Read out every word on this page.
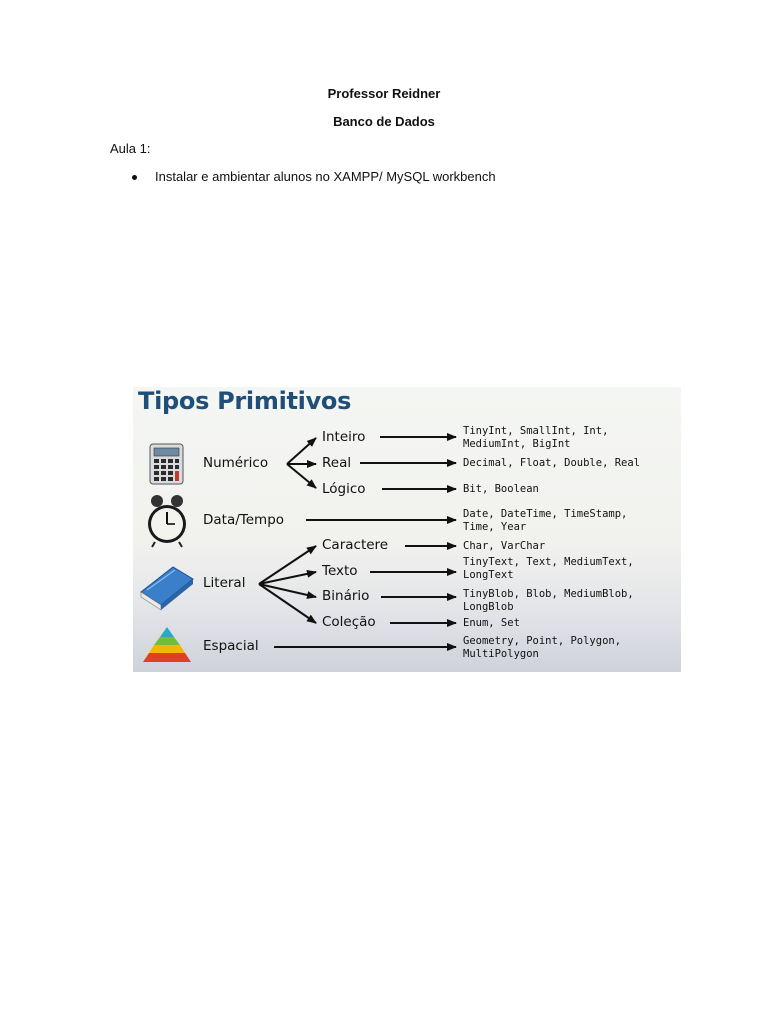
Professor Reidner
Banco de Dados
Aula 1:
Instalar e ambientar alunos no XAMPP/ MySQL workbench
Tipos Primitivos
Numérico
Data/Tempo
Literal
Espacial
Inteiro
Real
Lógico
Caractere
Texto
Binário
Coleção
TinyInt, SmallInt, Int,
MediumInt, BigInt
Decimal, Float, Double, Real
Bit, Boolean
Date, DateTime, TimeStamp,
Time, Year
Char, VarChar
TinyText, Text, MediumText,
LongText
TinyBlob, Blob, MediumBlob,
LongBlob
Enum, Set
Geometry, Point, Polygon,
MultiPolygon
